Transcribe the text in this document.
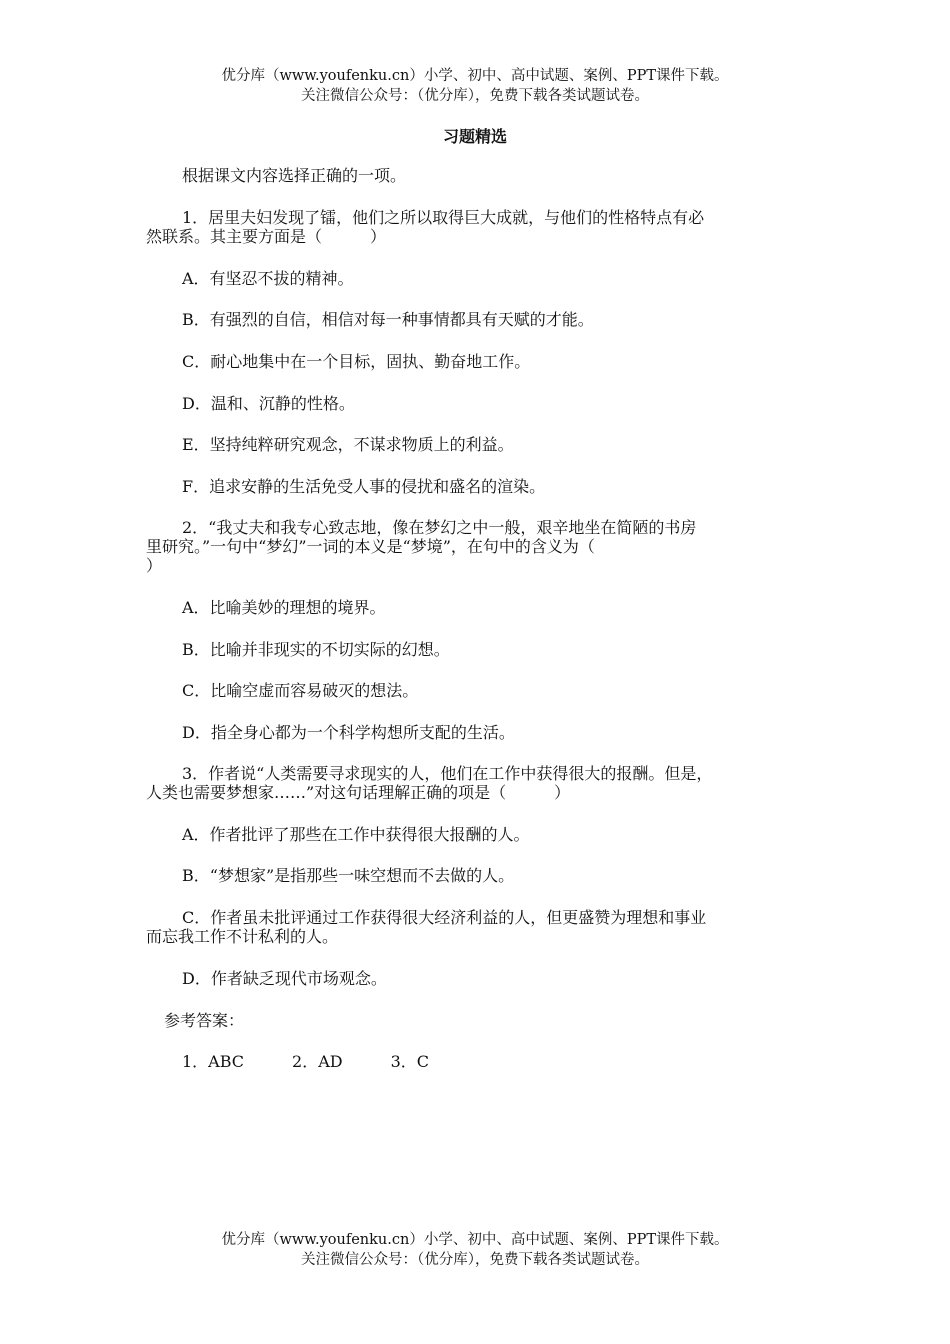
优分库（www.youfenku.cn）小学、初中、高中试题、案例、PPT课件下载。
关注微信公众号：（优分库），免费下载各类试题试卷。
习题精选
根据课文内容选择正确的一项。
1．居里夫妇发现了镭，他们之所以取得巨大成就，与他们的性格特点有必
然联系。其主要方面是（　　　）
A．有坚忍不拔的精神。
B．有强烈的自信，相信对每一种事情都具有天赋的才能。
C．耐心地集中在一个目标，固执、勤奋地工作。
D．温和、沉静的性格。
E．坚持纯粹研究观念，不谋求物质上的利益。
F．追求安静的生活免受人事的侵扰和盛名的渲染。
2．“我丈夫和我专心致志地，像在梦幻之中一般，艰辛地坐在简陋的书房
里研究。”一句中“梦幻”一词的本义是“梦境”，在句中的含义为（
）
A．比喻美妙的理想的境界。
B．比喻并非现实的不切实际的幻想。
C．比喻空虚而容易破灭的想法。
D．指全身心都为一个科学构想所支配的生活。
3．作者说“人类需要寻求现实的人，他们在工作中获得很大的报酬。但是，
人类也需要梦想家……”对这句话理解正确的项是（　　　）
A．作者批评了那些在工作中获得很大报酬的人。
B．“梦想家”是指那些一味空想而不去做的人。
C．作者虽未批评通过工作获得很大经济利益的人，但更盛赞为理想和事业
而忘我工作不计私利的人。
D．作者缺乏现代市场观念。
参考答案：
1．ABC　　　2．AD　　　3．C
优分库（www.youfenku.cn）小学、初中、高中试题、案例、PPT课件下载。
关注微信公众号：（优分库），免费下载各类试题试卷。
